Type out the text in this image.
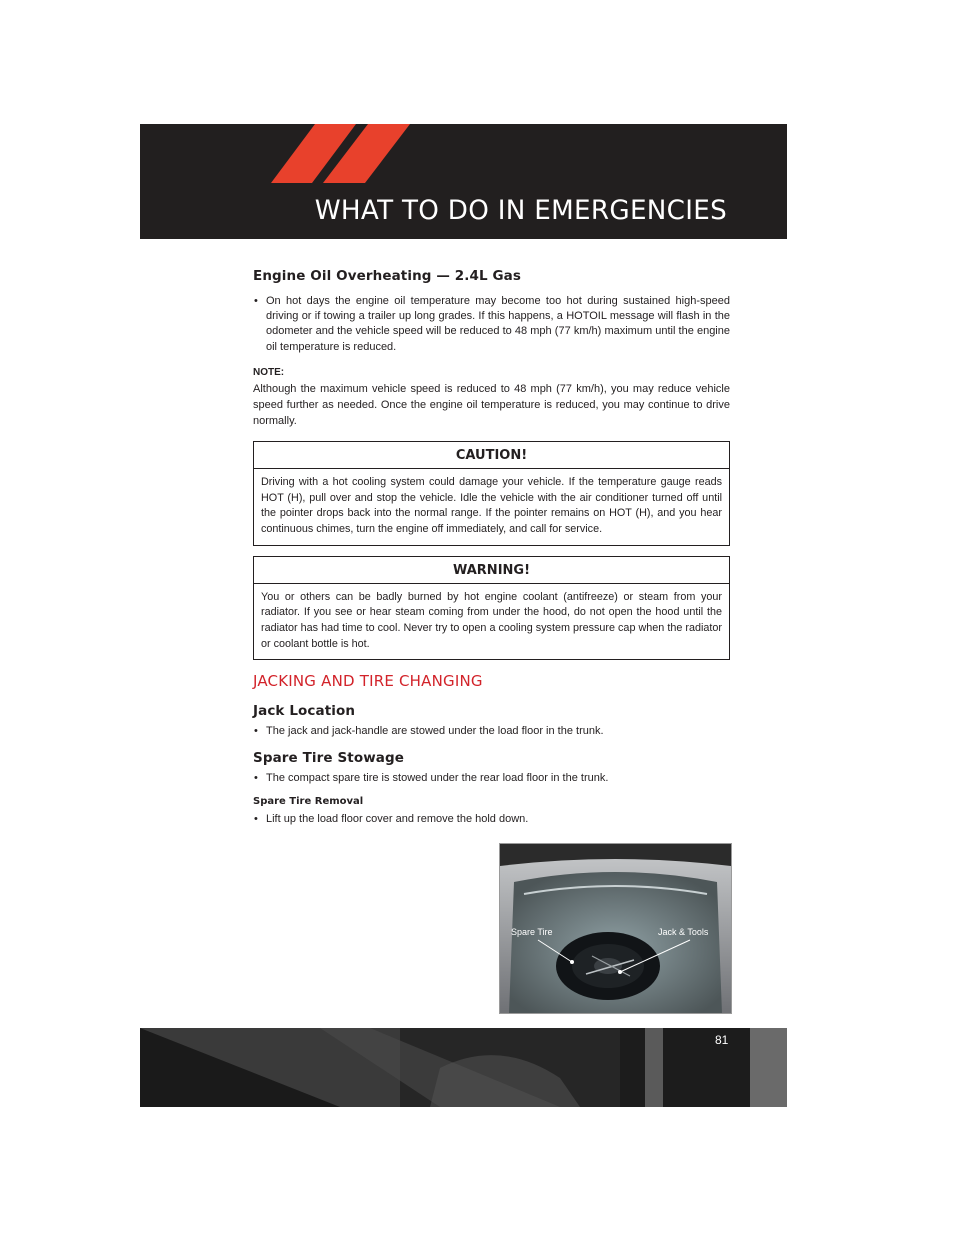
WHAT TO DO IN EMERGENCIES
Engine Oil Overheating — 2.4L Gas
• On hot days the engine oil temperature may become too hot during sustained high-speed driving or if towing a trailer up long grades. If this happens, a HOTOIL message will flash in the odometer and the vehicle speed will be reduced to 48 mph (77 km/h) maximum until the engine oil temperature is reduced.
NOTE:
Although the maximum vehicle speed is reduced to 48 mph (77 km/h), you may reduce vehicle speed further as needed. Once the engine oil temperature is reduced, you may continue to drive normally.
CAUTION!
Driving with a hot cooling system could damage your vehicle. If the temperature gauge reads HOT (H), pull over and stop the vehicle. Idle the vehicle with the air conditioner turned off until the pointer drops back into the normal range. If the pointer remains on HOT (H), and you hear continuous chimes, turn the engine off immediately, and call for service.
WARNING!
You or others can be badly burned by hot engine coolant (antifreeze) or steam from your radiator. If you see or hear steam coming from under the hood, do not open the hood until the radiator has had time to cool. Never try to open a cooling system pressure cap when the radiator or coolant bottle is hot.
JACKING AND TIRE CHANGING
Jack Location
• The jack and jack-handle are stowed under the load floor in the trunk.
Spare Tire Stowage
• The compact spare tire is stowed under the rear load floor in the trunk.
Spare Tire Removal
• Lift up the load floor cover and remove the hold down.
Spare Tire	Jack & Tools
81
